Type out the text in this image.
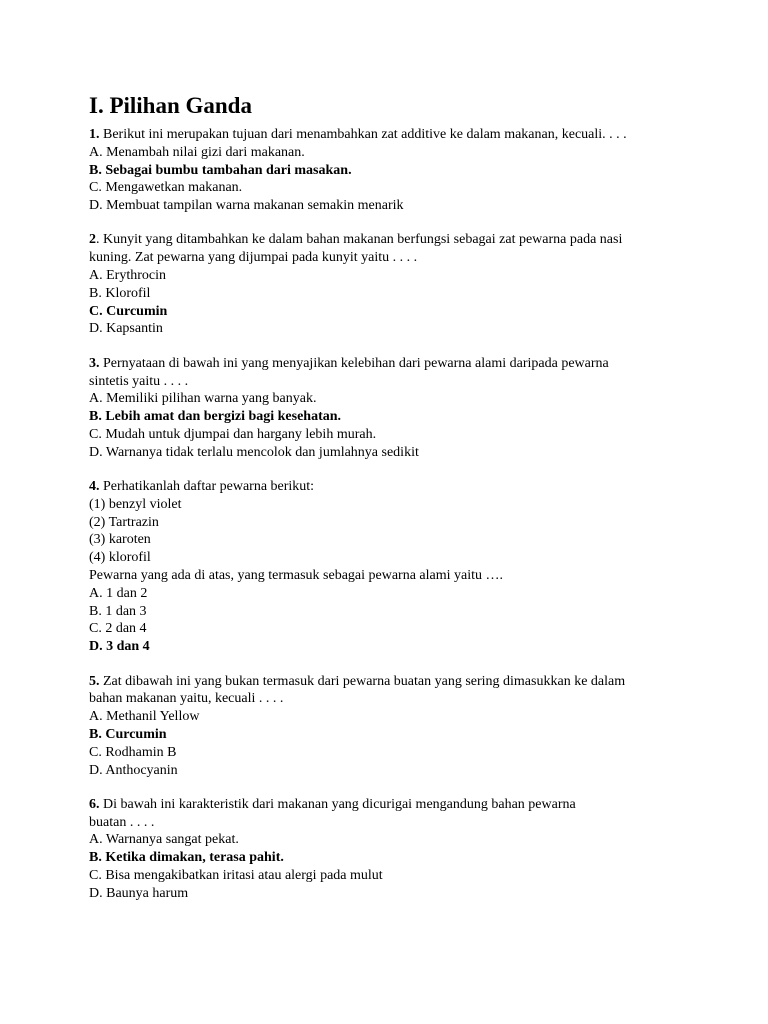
I. Pilihan Ganda
1. Berikut ini merupakan tujuan dari menambahkan zat additive ke dalam makanan, kecuali. . . .
A. Menambah nilai gizi dari makanan.
B. Sebagai bumbu tambahan dari masakan.
C. Mengawetkan makanan.
D. Membuat tampilan warna makanan semakin menarik
2. Kunyit yang ditambahkan ke dalam bahan makanan berfungsi sebagai zat pewarna pada nasi
kuning. Zat pewarna yang dijumpai pada kunyit yaitu . . . .
A. Erythrocin
B. Klorofil
C. Curcumin
D. Kapsantin
3. Pernyataan di bawah ini yang menyajikan kelebihan dari pewarna alami daripada pewarna
sintetis yaitu . . . .
A. Memiliki pilihan warna yang banyak.
B. Lebih amat dan bergizi bagi kesehatan.
C. Mudah untuk djumpai dan hargany lebih murah.
D. Warnanya tidak terlalu mencolok dan jumlahnya sedikit
4. Perhatikanlah daftar pewarna berikut:
(1) benzyl violet
(2) Tartrazin
(3) karoten
(4) klorofil
Pewarna yang ada di atas, yang termasuk sebagai pewarna alami yaitu ….
A. 1 dan 2
B. 1 dan 3
C. 2 dan 4
D. 3 dan 4
5. Zat dibawah ini yang bukan termasuk dari pewarna buatan yang sering dimasukkan ke dalam
bahan makanan yaitu, kecuali . . . .
A. Methanil Yellow
B. Curcumin
C. Rodhamin B
D. Anthocyanin
6. Di bawah ini karakteristik dari makanan yang dicurigai mengandung bahan pewarna
buatan . . . .
A. Warnanya sangat pekat.
B. Ketika dimakan, terasa pahit.
C. Bisa mengakibatkan iritasi atau alergi pada mulut
D. Baunya harum
